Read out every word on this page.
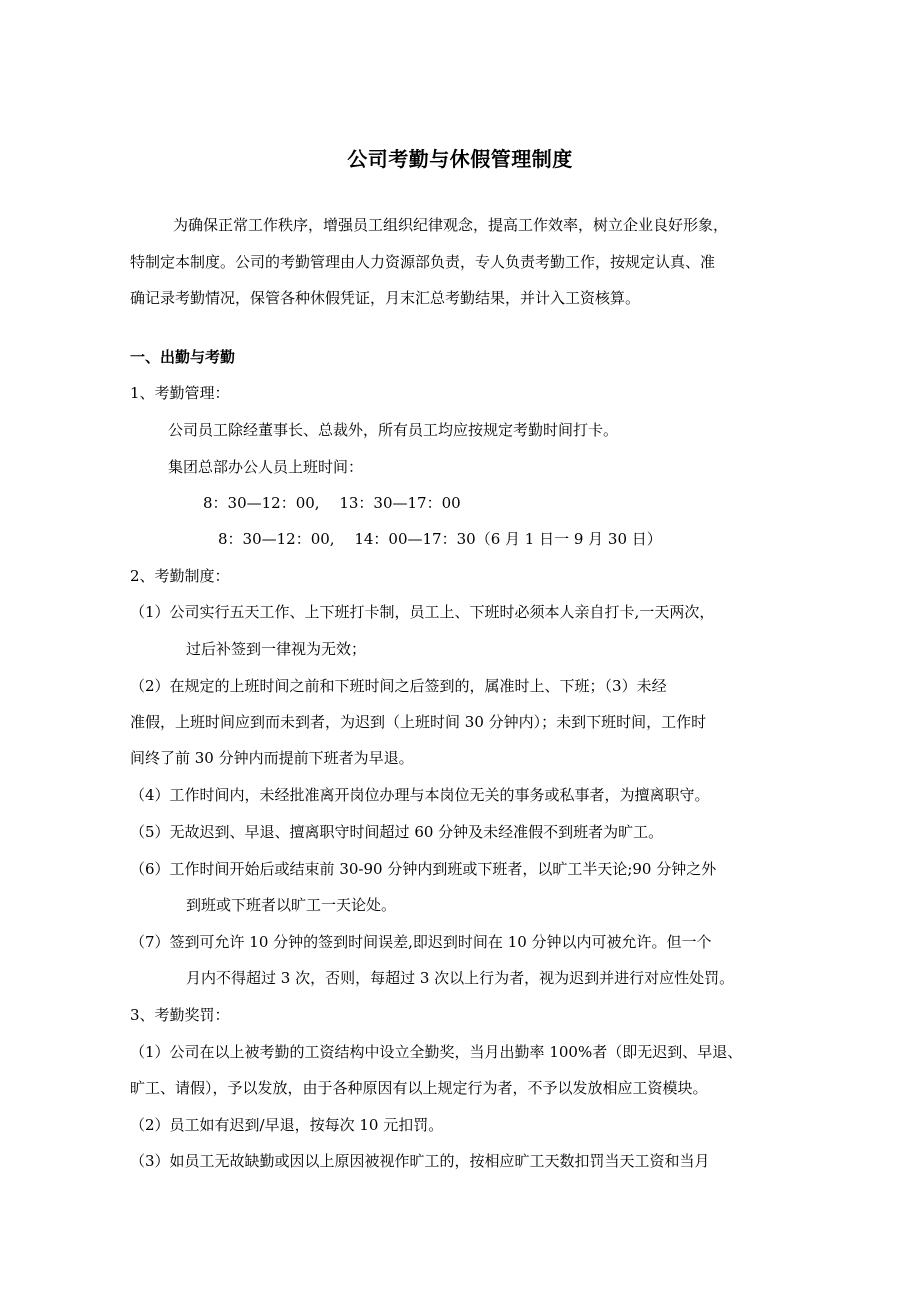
公司考勤与休假管理制度

为确保正常工作秩序，增强员工组织纪律观念，提高工作效率，树立企业良好形象，

特制定本制度。公司的考勤管理由人力资源部负责，专人负责考勤工作，按规定认真、准

确记录考勤情况，保管各种休假凭证，月末汇总考勤结果，并计入工资核算。

一、出勤与考勤

1、考勤管理：

公司员工除经董事长、总裁外，所有员工均应按规定考勤时间打卡。

集团总部办公人员上班时间：

8：30—12：00,　 13：30—17：00

8：30—12：00,　 14：00—17：30（6 月 1 日一 9 月 30 日）

2、考勤制度：

（1）公司实行五天工作、上下班打卡制，员工上、下班时必须本人亲自打卡,一天两次，

过后补签到一律视为无效；

（2）在规定的上班时间之前和下班时间之后签到的，属准时上、下班；（3）未经

准假，上班时间应到而未到者，为迟到（上班时间 30 分钟内）；未到下班时间，工作时

间终了前 30 分钟内而提前下班者为早退。

（4）工作时间内，未经批准离开岗位办理与本岗位无关的事务或私事者，为擅离职守。

（5）无故迟到、早退、擅离职守时间超过 60 分钟及未经准假不到班者为旷工。

（6）工作时间开始后或结束前 30-90 分钟内到班或下班者，以旷工半天论;90 分钟之外

到班或下班者以旷工一天论处。

（7）签到可允许 10 分钟的签到时间误差,即迟到时间在 10 分钟以内可被允许。但一个

月内不得超过 3 次，否则，每超过 3 次以上行为者，视为迟到并进行对应性处罚。

3、考勤奖罚：

（1）公司在以上被考勤的工资结构中设立全勤奖，当月出勤率 100%者（即无迟到、早退、

旷工、请假），予以发放，由于各种原因有以上规定行为者，不予以发放相应工资模块。

（2）员工如有迟到/早退，按每次 10 元扣罚。

（3）如员工无故缺勤或因以上原因被视作旷工的，按相应旷工天数扣罚当天工资和当月
